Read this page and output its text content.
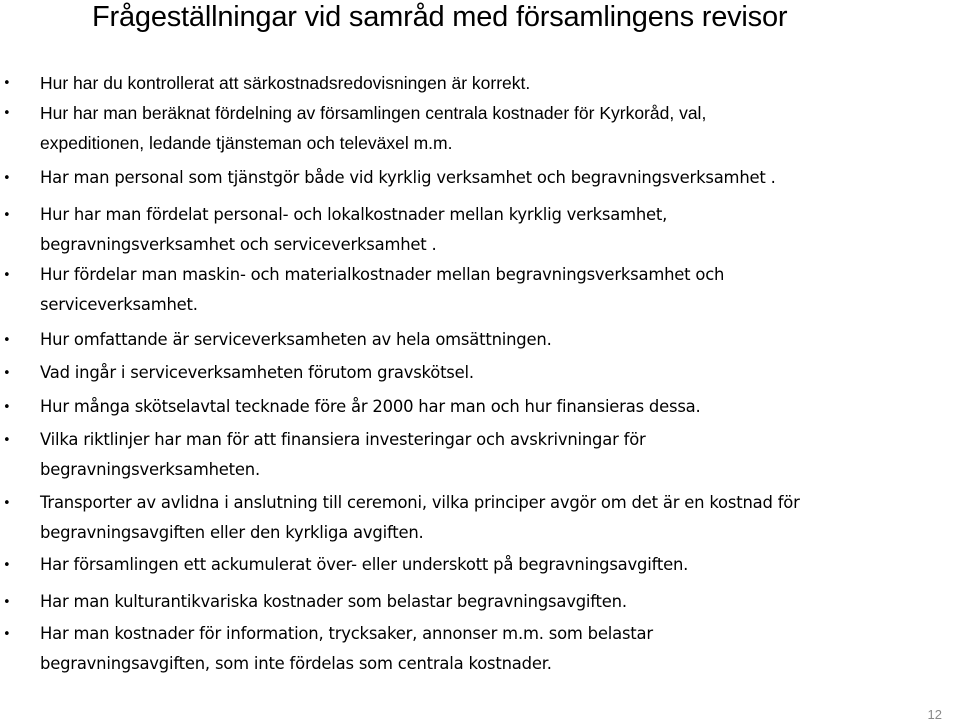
Frågeställningar vid samråd med församlingens revisor
• Hur har du kontrollerat att särkostnadsredovisningen är korrekt.
• Hur har man beräknat fördelning av församlingen centrala kostnader för Kyrkoråd, val,
expeditionen, ledande tjänsteman och televäxel m.m.
• Har man personal som tjänstgör både vid kyrklig verksamhet och begravningsverksamhet .
• Hur har man fördelat personal- och lokalkostnader mellan kyrklig verksamhet,
begravningsverksamhet och serviceverksamhet .
• Hur fördelar man maskin- och materialkostnader mellan begravningsverksamhet och
serviceverksamhet.
• Hur omfattande är serviceverksamheten av hela omsättningen.
• Vad ingår i serviceverksamheten förutom gravskötsel.
• Hur många skötselavtal tecknade före år 2000 har man och hur finansieras dessa.
• Vilka riktlinjer har man för att finansiera investeringar och avskrivningar för
begravningsverksamheten.
• Transporter av avlidna i anslutning till ceremoni, vilka principer avgör om det är en kostnad för
begravningsavgiften eller den kyrkliga avgiften.
• Har församlingen ett ackumulerat över- eller underskott på begravningsavgiften.
• Har man kulturantikvariska kostnader som belastar begravningsavgiften.
• Har man kostnader för information, trycksaker, annonser m.m. som belastar
begravningsavgiften, som inte fördelas som centrala kostnader.
12
